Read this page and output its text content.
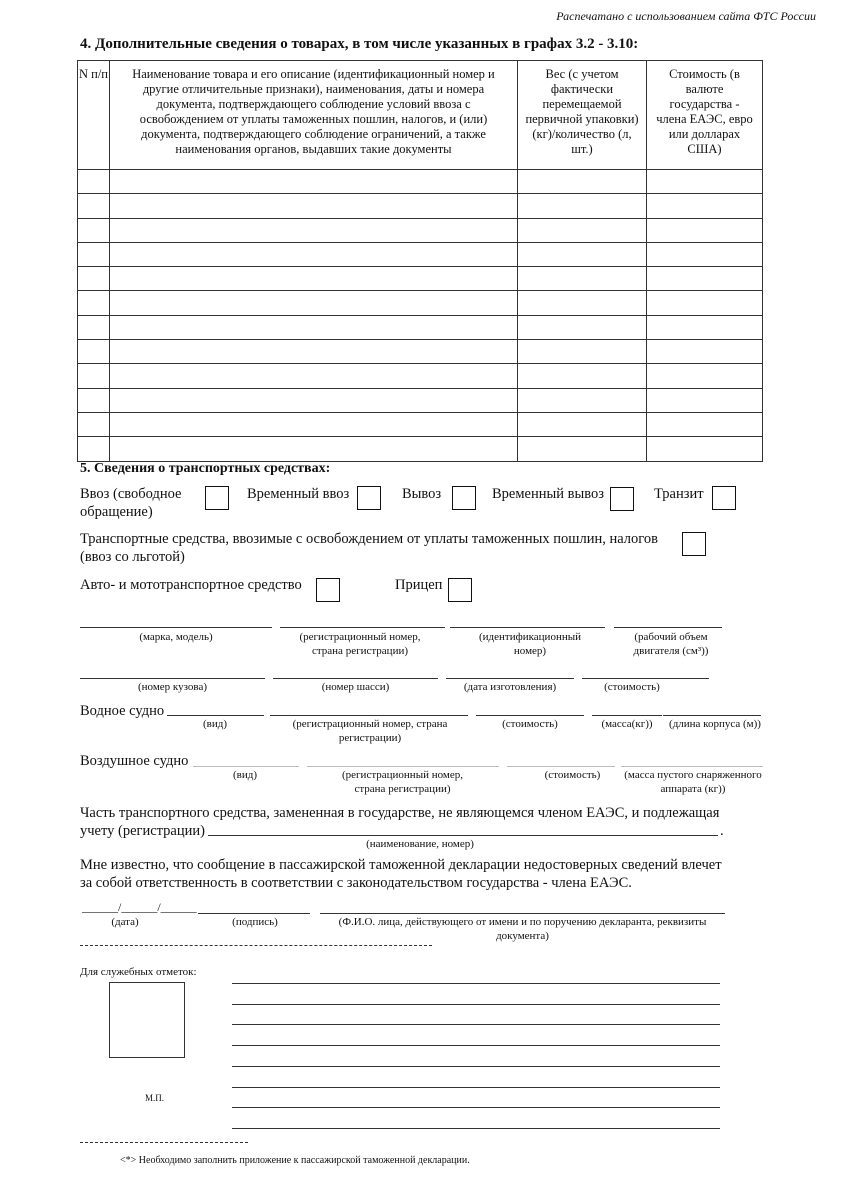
Распечатано с использованием сайта ФТС России
4. Дополнительные сведения о товарах, в том числе указанных в графах 3.2 - 3.10:
N п/п	Наименование товара и его описание (идентификационный номер и другие отличительные признаки), наименования, даты и номера документа, подтверждающего соблюдение условий ввоза с освобождением от уплаты таможенных пошлин, налогов, и (или) документа, подтверждающего соблюдение ограничений, а также наименования органов, выдавших такие документы	Вес (с учетом фактически перемещаемой первичной упаковки) (кг)/количество (л, шт.)	Стоимость (в валюте государства - члена ЕАЭС, евро или долларах США)

5. Сведения о транспортных средствах:
Ввоз (свободное обращение)
Временный ввоз	Вывоз	Временный вывоз	Транзит
Транспортные средства, ввозимые с освобождением от уплаты таможенных пошлин, налогов (ввоз со льготой)
Авто- и мототранспортное средство	Прицеп
(марка, модель)	(регистрационный номер, страна регистрации)
(идентификационный номер)
(рабочий объем двигателя (см³))
(номер кузова)	(номер шасси)	(дата изготовления)	(стоимость)
Водное судно
(вид)	(регистрационный номер, страна регистрации)
(стоимость)	(масса(кг))	(длина корпуса (м))
Воздушное судно
(вид)	(регистрационный номер, страна регистрации)
(стоимость)	(масса пустого снаряженного аппарата (кг))
Часть транспортного средства, замененная в государстве, не являющемся членом ЕАЭС, и подлежащая
учету (регистрации)	.
(наименование, номер)
Мне известно, что сообщение в пассажирской таможенной декларации недостоверных сведений влечет
за собой ответственность в соответствии с законодательством государства - члена ЕАЭС.
______/______/______
(дата)	(подпись)	(Ф.И.О. лица, действующего от имени и по поручению декларанта, реквизиты документа)
Для служебных отметок:
М.П.
<*> Необходимо заполнить приложение к пассажирской таможенной декларации.
